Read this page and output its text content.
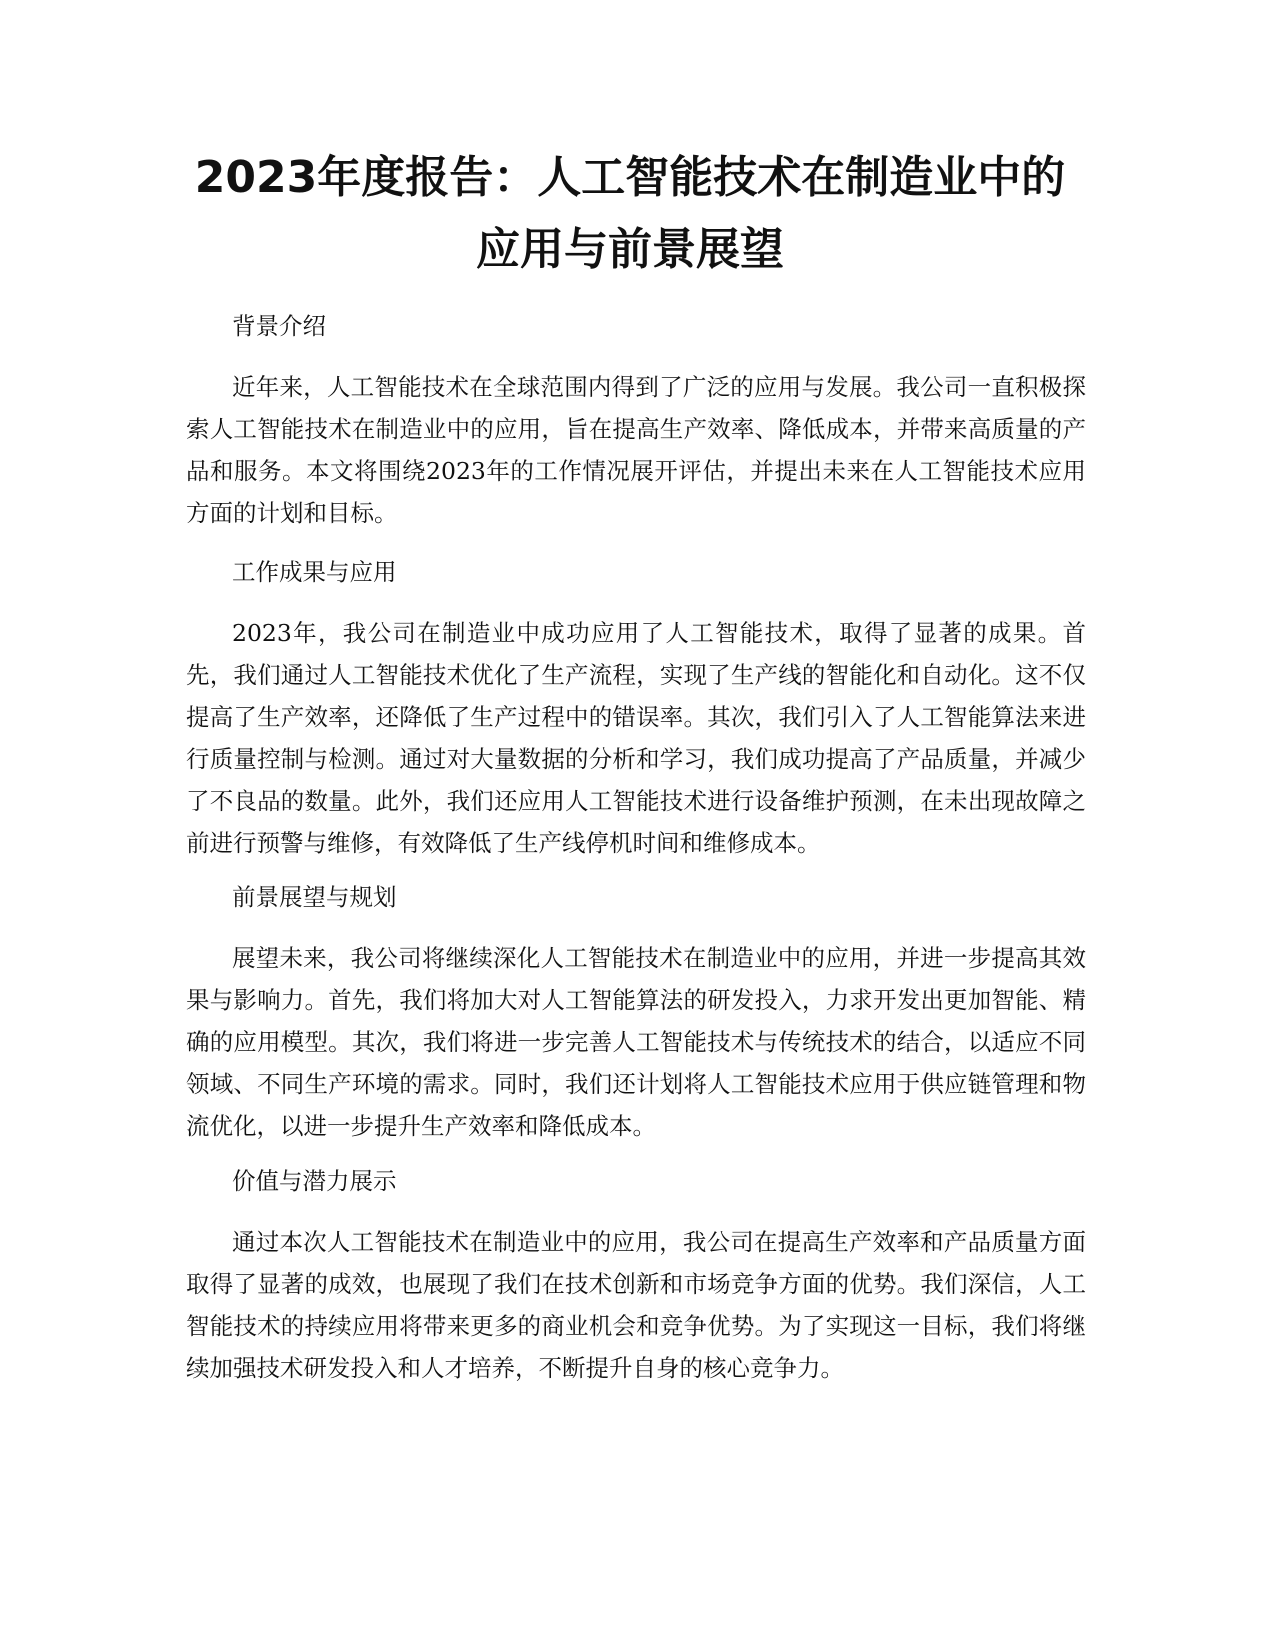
2023年度报告：人工智能技术在制造业中的应用与前景展望

背景介绍

近年来，人工智能技术在全球范围内得到了广泛的应用与发展。我公司一直积极探索人工智能技术在制造业中的应用，旨在提高生产效率、降低成本，并带来高质量的产品和服务。本文将围绕2023年的工作情况展开评估，并提出未来在人工智能技术应用方面的计划和目标。

工作成果与应用

2023年，我公司在制造业中成功应用了人工智能技术，取得了显著的成果。首先，我们通过人工智能技术优化了生产流程，实现了生产线的智能化和自动化。这不仅提高了生产效率，还降低了生产过程中的错误率。其次，我们引入了人工智能算法来进行质量控制与检测。通过对大量数据的分析和学习，我们成功提高了产品质量，并减少了不良品的数量。此外，我们还应用人工智能技术进行设备维护预测，在未出现故障之前进行预警与维修，有效降低了生产线停机时间和维修成本。

前景展望与规划

展望未来，我公司将继续深化人工智能技术在制造业中的应用，并进一步提高其效果与影响力。首先，我们将加大对人工智能算法的研发投入，力求开发出更加智能、精确的应用模型。其次，我们将进一步完善人工智能技术与传统技术的结合，以适应不同领域、不同生产环境的需求。同时，我们还计划将人工智能技术应用于供应链管理和物流优化，以进一步提升生产效率和降低成本。

价值与潜力展示

通过本次人工智能技术在制造业中的应用，我公司在提高生产效率和产品质量方面取得了显著的成效，也展现了我们在技术创新和市场竞争方面的优势。我们深信，人工智能技术的持续应用将带来更多的商业机会和竞争优势。为了实现这一目标，我们将继续加强技术研发投入和人才培养，不断提升自身的核心竞争力。
